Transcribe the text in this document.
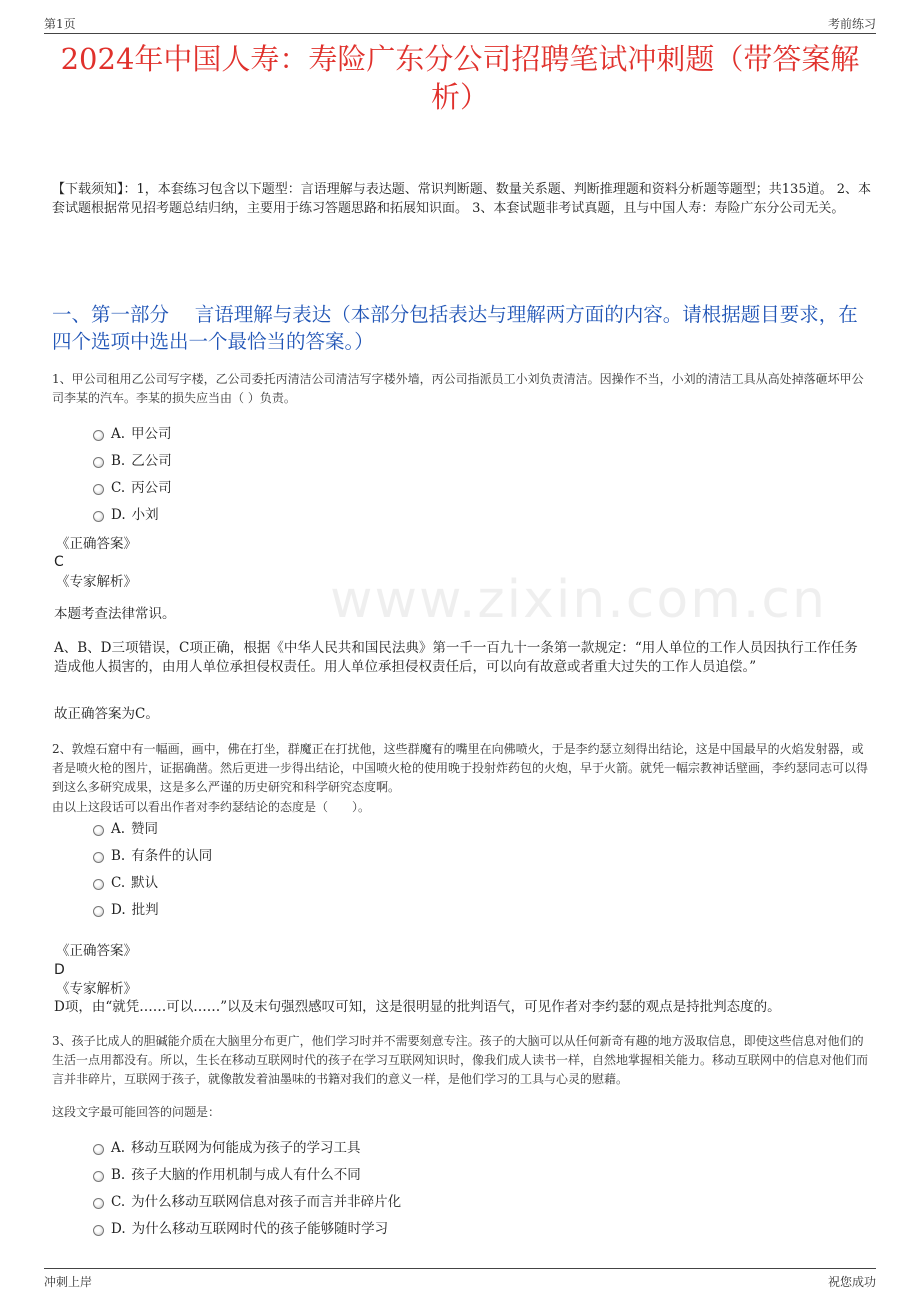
第1页	考前练习
2024年中国人寿：寿险广东分公司招聘笔试冲刺题（带答案解析）
www.zixin.com.cn
【下载须知】：1，本套练习包含以下题型：言语理解与表达题、常识判断题、数量关系题、判断推理题和资料分析题等题型；共135道。 2、本套试题根据常见招考题总结归纳，主要用于练习答题思路和拓展知识面。 3、本套试题非考试真题，且与中国人寿：寿险广东分公司无关。
一、第一部分　 言语理解与表达（本部分包括表达与理解两方面的内容。请根据题目要求，在四个选项中选出一个最恰当的答案。）
1、甲公司租用乙公司写字楼，乙公司委托丙清洁公司清洁写字楼外墙，丙公司指派员工小刘负责清洁。因操作不当，小刘的清洁工具从高处掉落砸坏甲公司李某的汽车。李某的损失应当由（ ）负责。
A. 甲公司
B. 乙公司
C. 丙公司
D. 小刘
《正确答案》
C
《专家解析》
本题考查法律常识。
A、B、D三项错误，C项正确，根据《中华人民共和国民法典》第一千一百九十一条第一款规定：“用人单位的工作人员因执行工作任务造成他人损害的，由用人单位承担侵权责任。用人单位承担侵权责任后，可以向有故意或者重大过失的工作人员追偿。”
故正确答案为C。
2、敦煌石窟中有一幅画，画中，佛在打坐，群魔正在打扰他，这些群魔有的嘴里在向佛喷火，于是李约瑟立刻得出结论，这是中国最早的火焰发射器，或者是喷火枪的图片，证据确凿。然后更进一步得出结论，中国喷火枪的使用晚于投射炸药包的火炮，早于火箭。就凭一幅宗教神话壁画，李约瑟同志可以得到这么多研究成果，这是多么严谨的历史研究和科学研究态度啊。
由以上这段话可以看出作者对李约瑟结论的态度是（　　）。
A. 赞同
B. 有条件的认同
C. 默认
D. 批判
《正确答案》
D
《专家解析》
D项，由“就凭……可以……”以及末句强烈感叹可知，这是很明显的批判语气，可见作者对李约瑟的观点是持批判态度的。
3、孩子比成人的胆碱能介质在大脑里分布更广，他们学习时并不需要刻意专注。孩子的大脑可以从任何新奇有趣的地方汲取信息，即使这些信息对他们的生活一点用都没有。所以，生长在移动互联网时代的孩子在学习互联网知识时，像我们成人读书一样，自然地掌握相关能力。移动互联网中的信息对他们而言并非碎片，互联网于孩子，就像散发着油墨味的书籍对我们的意义一样，是他们学习的工具与心灵的慰藉。
这段文字最可能回答的问题是：
A. 移动互联网为何能成为孩子的学习工具
B. 孩子大脑的作用机制与成人有什么不同
C. 为什么移动互联网信息对孩子而言并非碎片化
D. 为什么移动互联网时代的孩子能够随时学习
冲刺上岸	祝您成功
